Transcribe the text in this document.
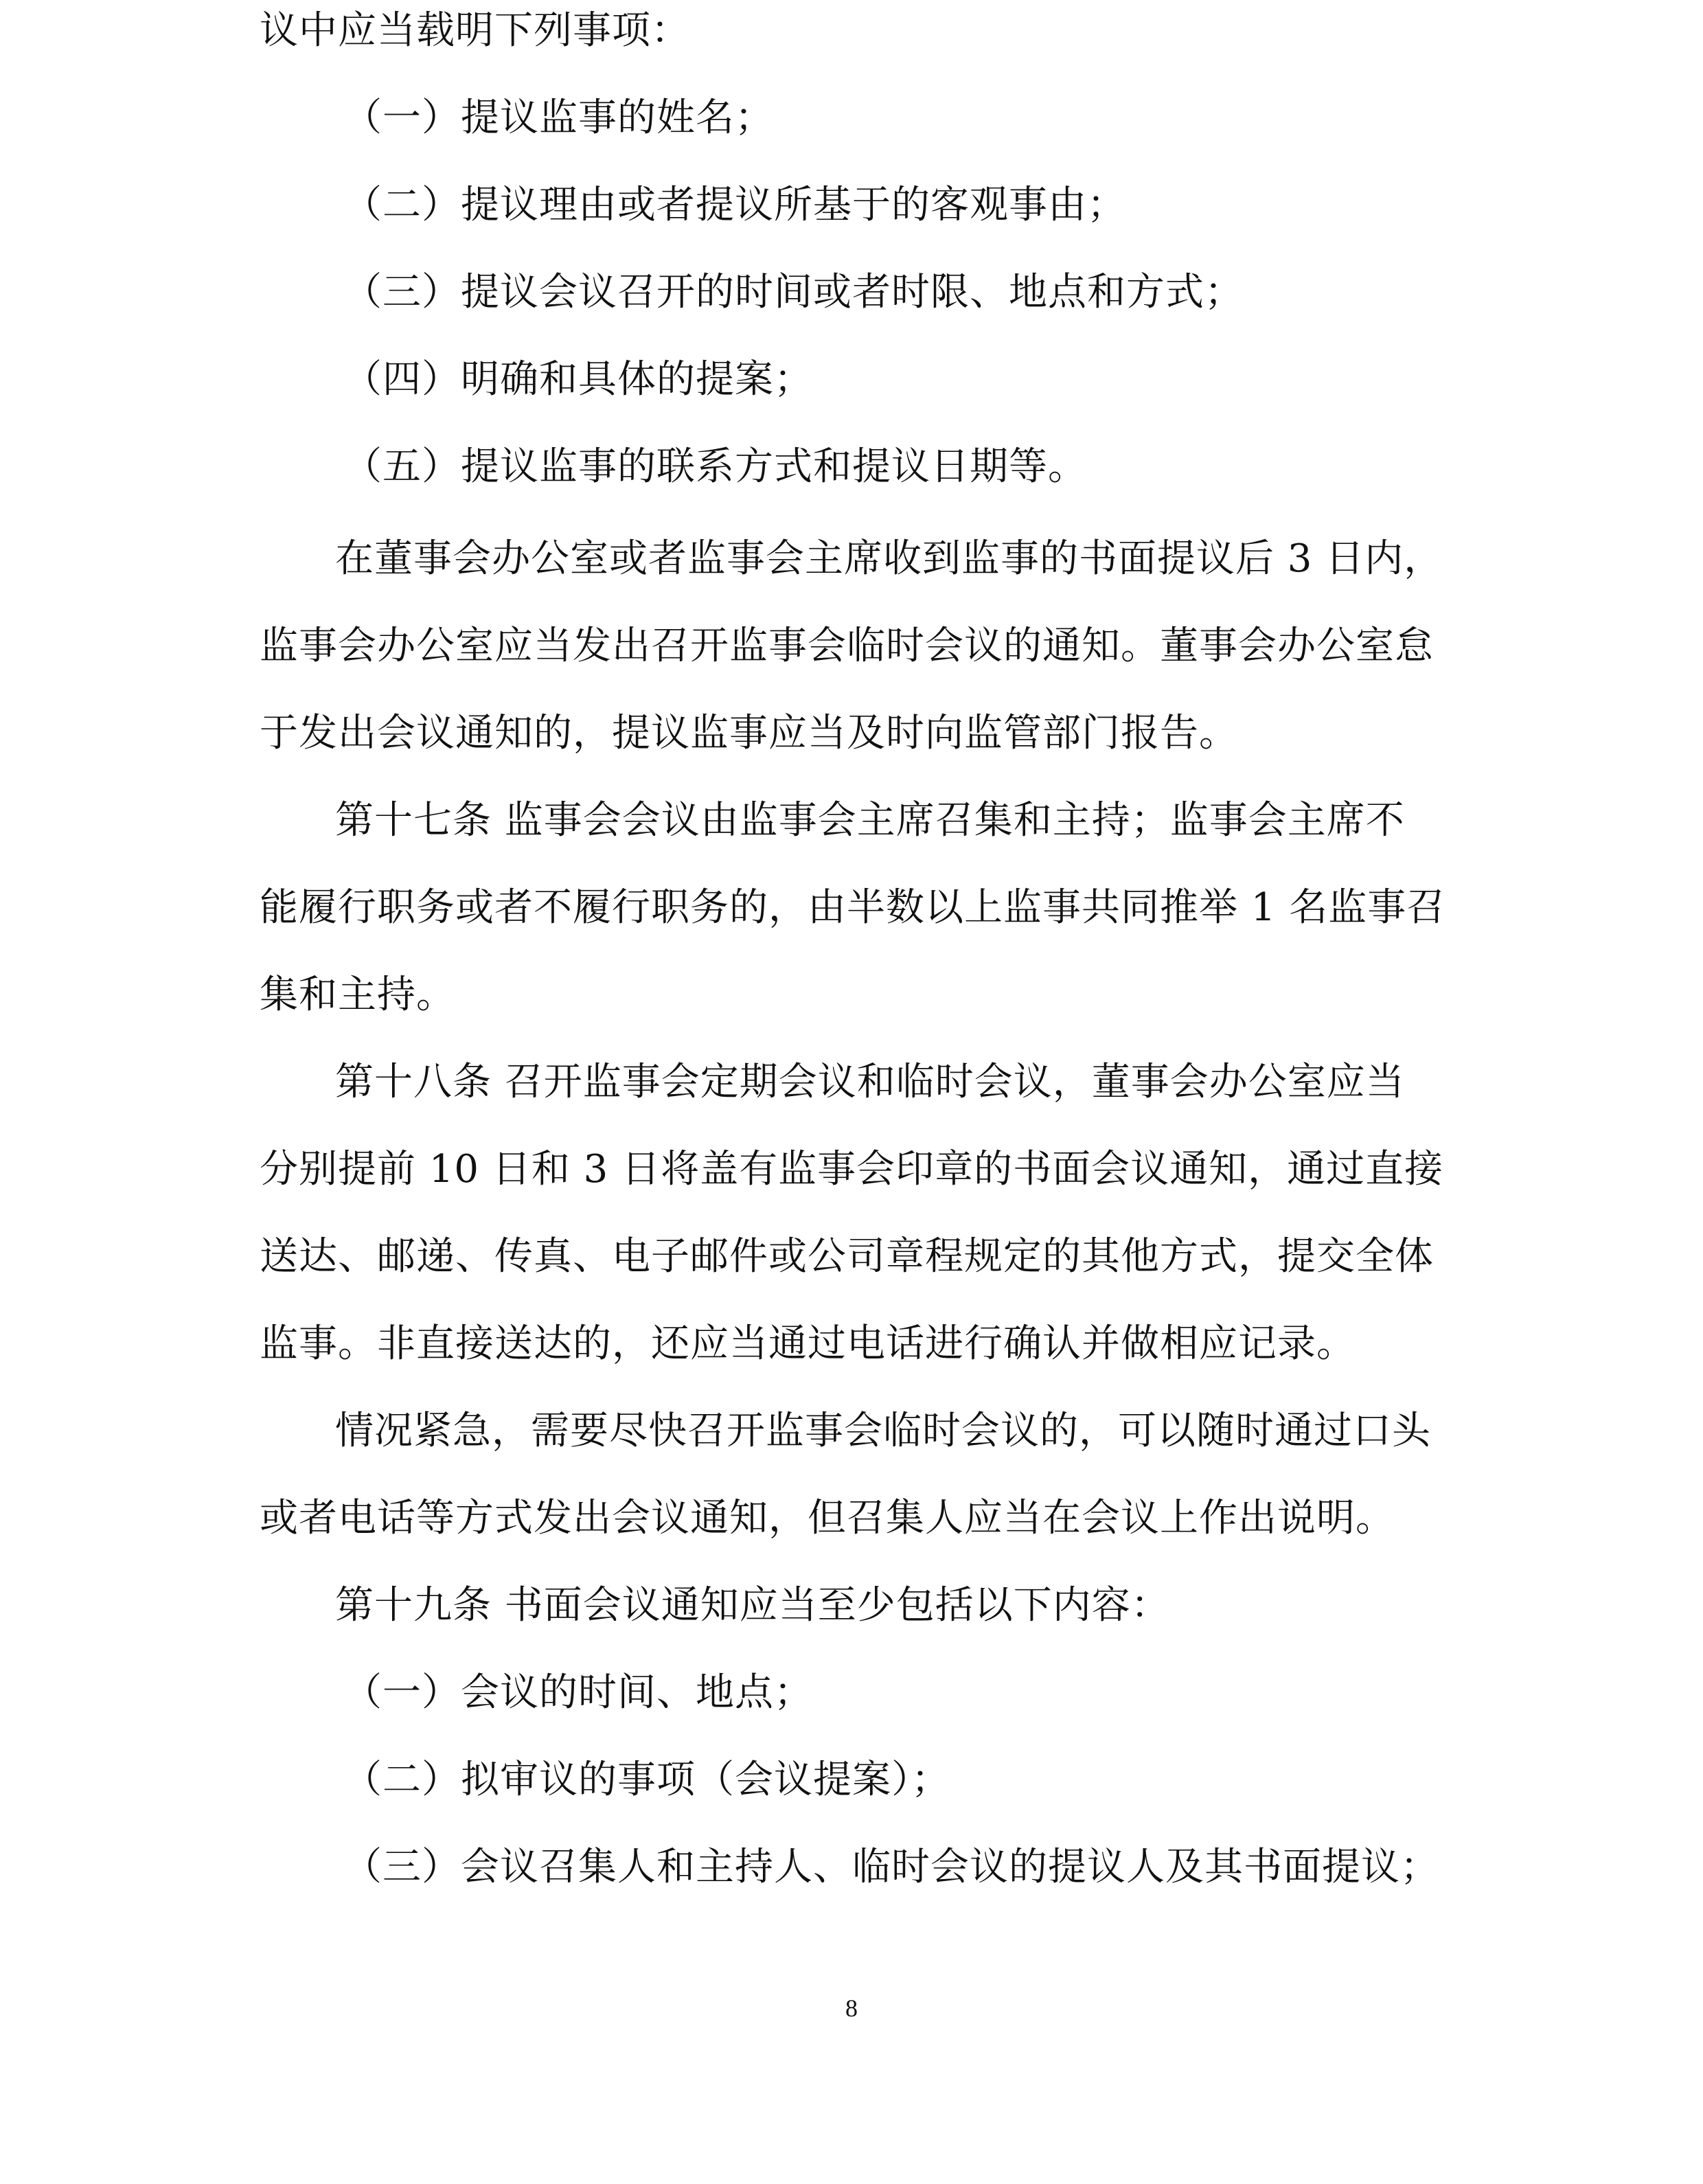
议中应当载明下列事项：
（一）提议监事的姓名；
（二）提议理由或者提议所基于的客观事由；
（三）提议会议召开的时间或者时限、地点和方式；
（四）明确和具体的提案；
（五）提议监事的联系方式和提议日期等。
在董事会办公室或者监事会主席收到监事的书面提议后 3 日内，
监事会办公室应当发出召开监事会临时会议的通知。董事会办公室怠
于发出会议通知的，提议监事应当及时向监管部门报告。
第十七条 监事会会议由监事会主席召集和主持；监事会主席不
能履行职务或者不履行职务的，由半数以上监事共同推举 1 名监事召
集和主持。
第十八条 召开监事会定期会议和临时会议，董事会办公室应当
分别提前 10 日和 3 日将盖有监事会印章的书面会议通知，通过直接
送达、邮递、传真、电子邮件或公司章程规定的其他方式，提交全体
监事。非直接送达的，还应当通过电话进行确认并做相应记录。
情况紧急，需要尽快召开监事会临时会议的，可以随时通过口头
或者电话等方式发出会议通知，但召集人应当在会议上作出说明。
第十九条 书面会议通知应当至少包括以下内容：
（一）会议的时间、地点；
（二）拟审议的事项（会议提案）；
（三）会议召集人和主持人、临时会议的提议人及其书面提议；
8
